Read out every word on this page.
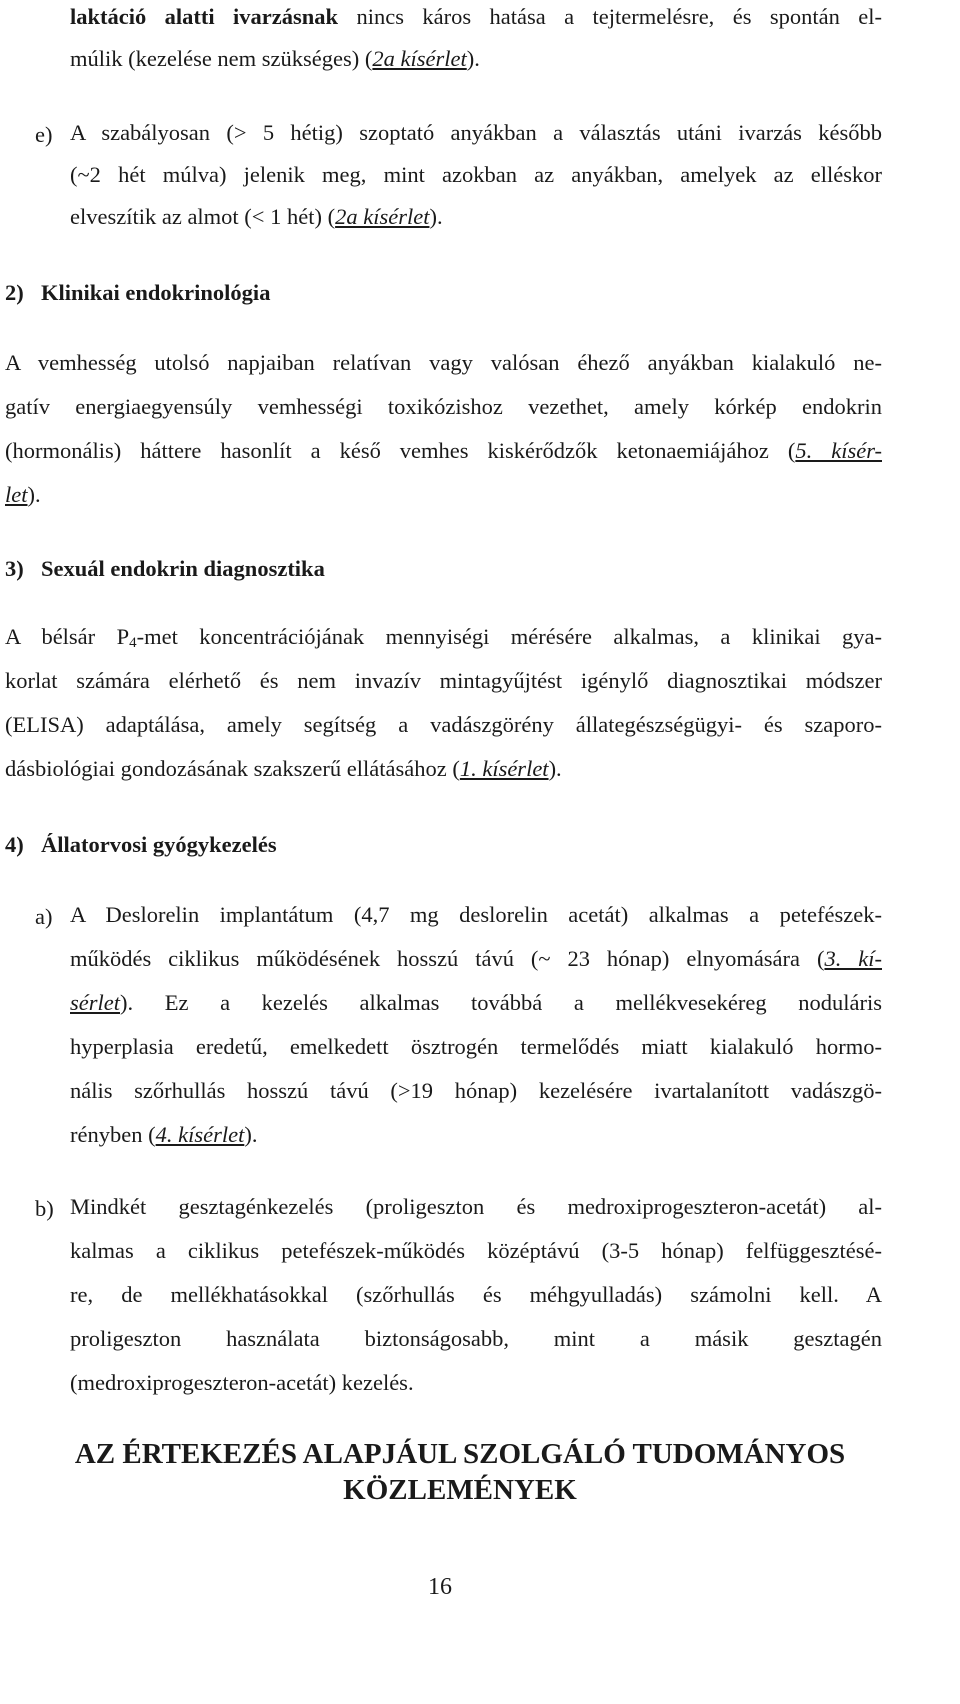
laktáció alatti ivarzásnak nincs káros hatása a tejtermelésre, és spontán el-

múlik (kezelése nem szükséges) (2a kísérlet).

e) A szabályosan (> 5 hétig) szoptató anyákban a választás utáni ivarzás később

(~2 hét múlva) jelenik meg, mint azokban az anyákban, amelyek az elléskor

elveszítik az almot (< 1 hét) (2a kísérlet).

2) Klinikai endokrinológia

A vemhesség utolsó napjaiban relatívan vagy valósan éhező anyákban kialakuló ne-

gatív energiaegyensúly vemhességi toxikózishoz vezethet, amely kórkép endokrin

(hormonális) háttere hasonlít a késő vemhes kiskérődzők ketonaemiájához (5. kísér-

let).

3) Sexuál endokrin diagnosztika

A bélsár $P_4$-met koncentrációjának mennyiségi mérésére alkalmas, a klinikai gya-

korlat számára elérhető és nem invazív mintagyűjtést igénylő diagnosztikai módszer

(ELISA) adaptálása, amely segítség a vadászgörény állategészségügyi- és szaporo-

dásbiológiai gondozásának szakszerű ellátásához (1. kísérlet).

4) Állatorvosi gyógykezelés

a) A Deslorelin implantátum (4,7 mg deslorelin acetát) alkalmas a petefészek-

működés ciklikus működésének hosszú távú (~ 23 hónap) elnyomására (3. kí-

sérlet). Ez a kezelés alkalmas továbbá a mellékvesekéreg noduláris

hyperplasia eredetű, emelkedett ösztrogén termelődés miatt kialakuló hormo-

nális szőrhullás hosszú távú (>19 hónap) kezelésére ivartalanított vadászgö-

rényben (4. kísérlet).

b) Mindkét gesztagénkezelés (proligeszton és medroxiprogeszteron-acetát) al-

kalmas a ciklikus petefészek-működés középtávú (3-5 hónap) felfüggesztésé-

re, de mellékhatásokkal (szőrhullás és méhgyulladás) számolni kell. A

proligeszton használata biztonságosabb, mint a másik gesztagén

(medroxiprogeszteron-acetát) kezelés.

AZ ÉRTEKEZÉS ALAPJÁUL SZOLGÁLÓ TUDOMÁNYOS

KÖZLEMÉNYEK

16
